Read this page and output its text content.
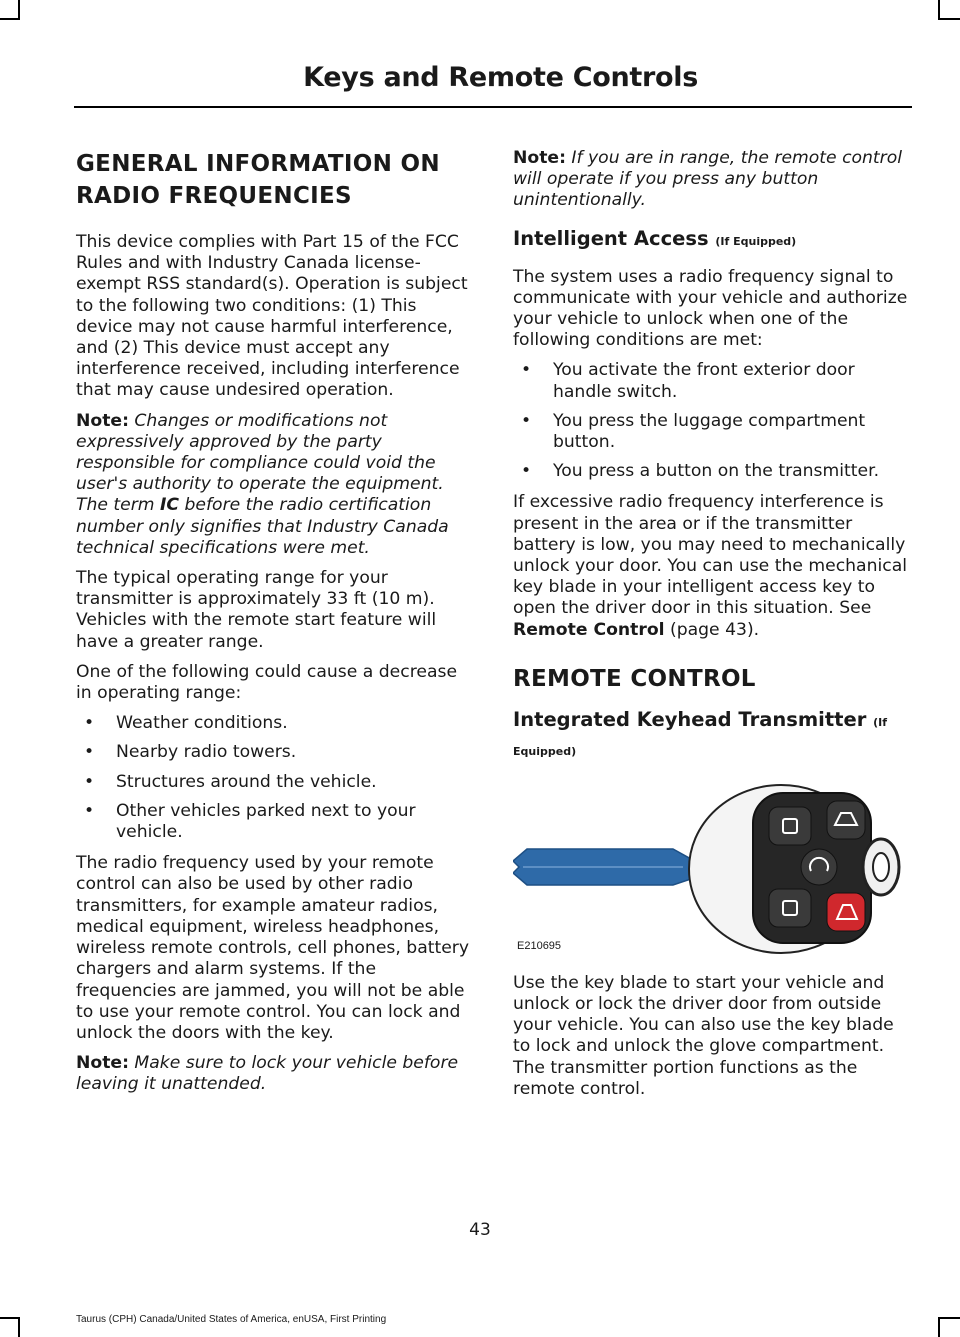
Keys and Remote Controls
GENERAL INFORMATION ON
RADIO FREQUENCIES

This device complies with Part 15 of the FCC Rules and with Industry Canada license-exempt RSS standard(s). Operation is subject to the following two conditions: (1) This device may not cause harmful interference, and (2) This device must accept any interference received, including interference that may cause undesired operation.

Note: Changes or modifications not expressively approved by the party responsible for compliance could void the user's authority to operate the equipment. The term IC before the radio certification number only signifies that Industry Canada technical specifications were met.

The typical operating range for your transmitter is approximately 33 ft (10 m). Vehicles with the remote start feature will have a greater range.

One of the following could cause a decrease in operating range:

• Weather conditions.
• Nearby radio towers.
• Structures around the vehicle.
• Other vehicles parked next to your vehicle.

The radio frequency used by your remote control can also be used by other radio transmitters, for example amateur radios, medical equipment, wireless headphones, wireless remote controls, cell phones, battery chargers and alarm systems. If the frequencies are jammed, you will not be able to use your remote control. You can lock and unlock the doors with the key.

Note: Make sure to lock your vehicle before leaving it unattended.

Note: If you are in range, the remote control will operate if you press any button unintentionally.

Intelligent Access (If Equipped)

The system uses a radio frequency signal to communicate with your vehicle and authorize your vehicle to unlock when one of the following conditions are met:

• You activate the front exterior door handle switch.
• You press the luggage compartment button.
• You press a button on the transmitter.

If excessive radio frequency interference is present in the area or if the transmitter battery is low, you may need to mechanically unlock your door. You can use the mechanical key blade in your intelligent access key to open the driver door in this situation. See Remote Control (page 43).

REMOTE CONTROL
Integrated Keyhead Transmitter (If
Equipped)
E210695

Use the key blade to start your vehicle and unlock or lock the driver door from outside your vehicle. You can also use the key blade to lock and unlock the glove compartment. The transmitter portion functions as the remote control.

43
Taurus (CPH) Canada/United States of America, enUSA, First Printing
